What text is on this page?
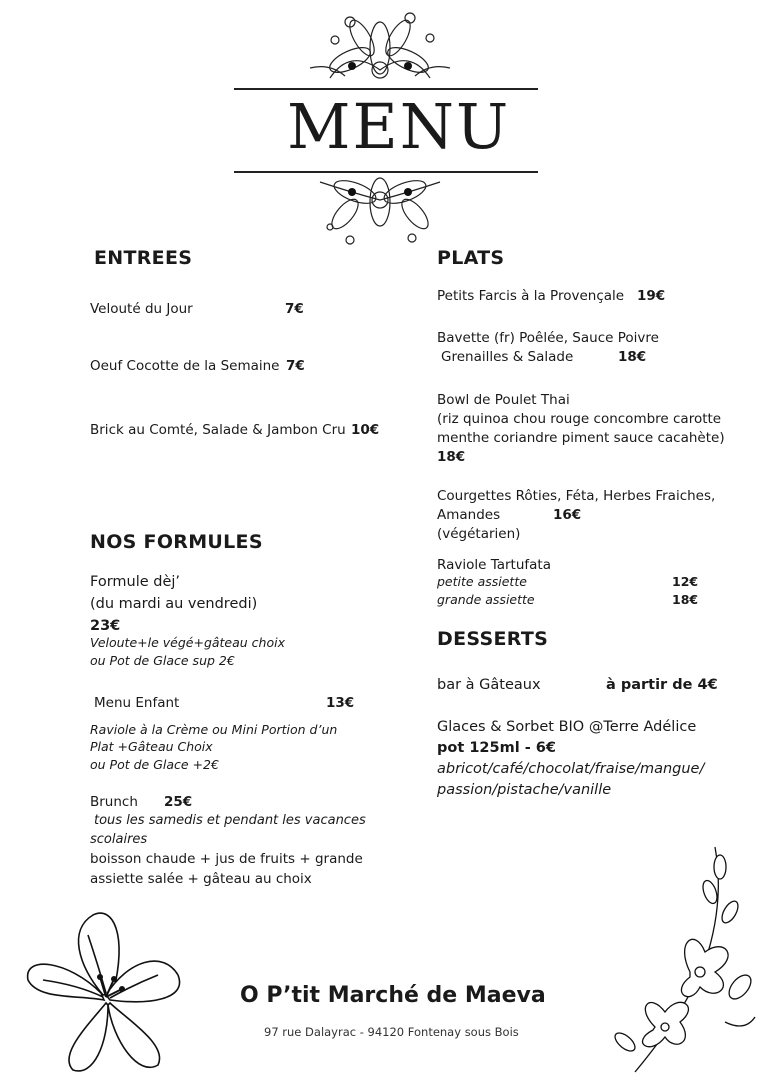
MENU
ENTREES
Velouté du Jour	7€
Oeuf Cocotte de la Semaine 7€
Brick au Comté, Salade & Jambon Cru 10€
NOS FORMULES
Formule dèj’
(du mardi au vendredi)
23€
Veloute+le végé+gâteau choix
ou Pot de Glace sup 2€
Menu Enfant	13€
Raviole à la Crème ou Mini Portion d’un
Plat +Gâteau Choix
ou Pot de Glace +2€
Brunch 25€
tous les samedis et pendant les vacances
scolaires
boisson chaude + jus de fruits + grande
assiette salée + gâteau au choix
PLATS
Petits Farcis à la Provençale 19€
Bavette (fr) Poêlée, Sauce Poivre
Grenailles & Salade	18€
Bowl de Poulet Thai
(riz quinoa chou rouge concombre carotte
menthe coriandre piment sauce cacahète)
18€
Courgettes Rôties, Féta, Herbes Fraiches,
Amandes	16€
(végétarien)
Raviole Tartufata
petite assiette	12€
grande assiette	18€
DESSERTS
bar à Gâteaux	à partir de 4€
Glaces & Sorbet BIO @Terre Adélice
pot 125ml - 6€
abricot/café/chocolat/fraise/mangue/
passion/pistache/vanille
O P’tit Marché de Maeva
97 rue Dalayrac - 94120 Fontenay sous Bois
